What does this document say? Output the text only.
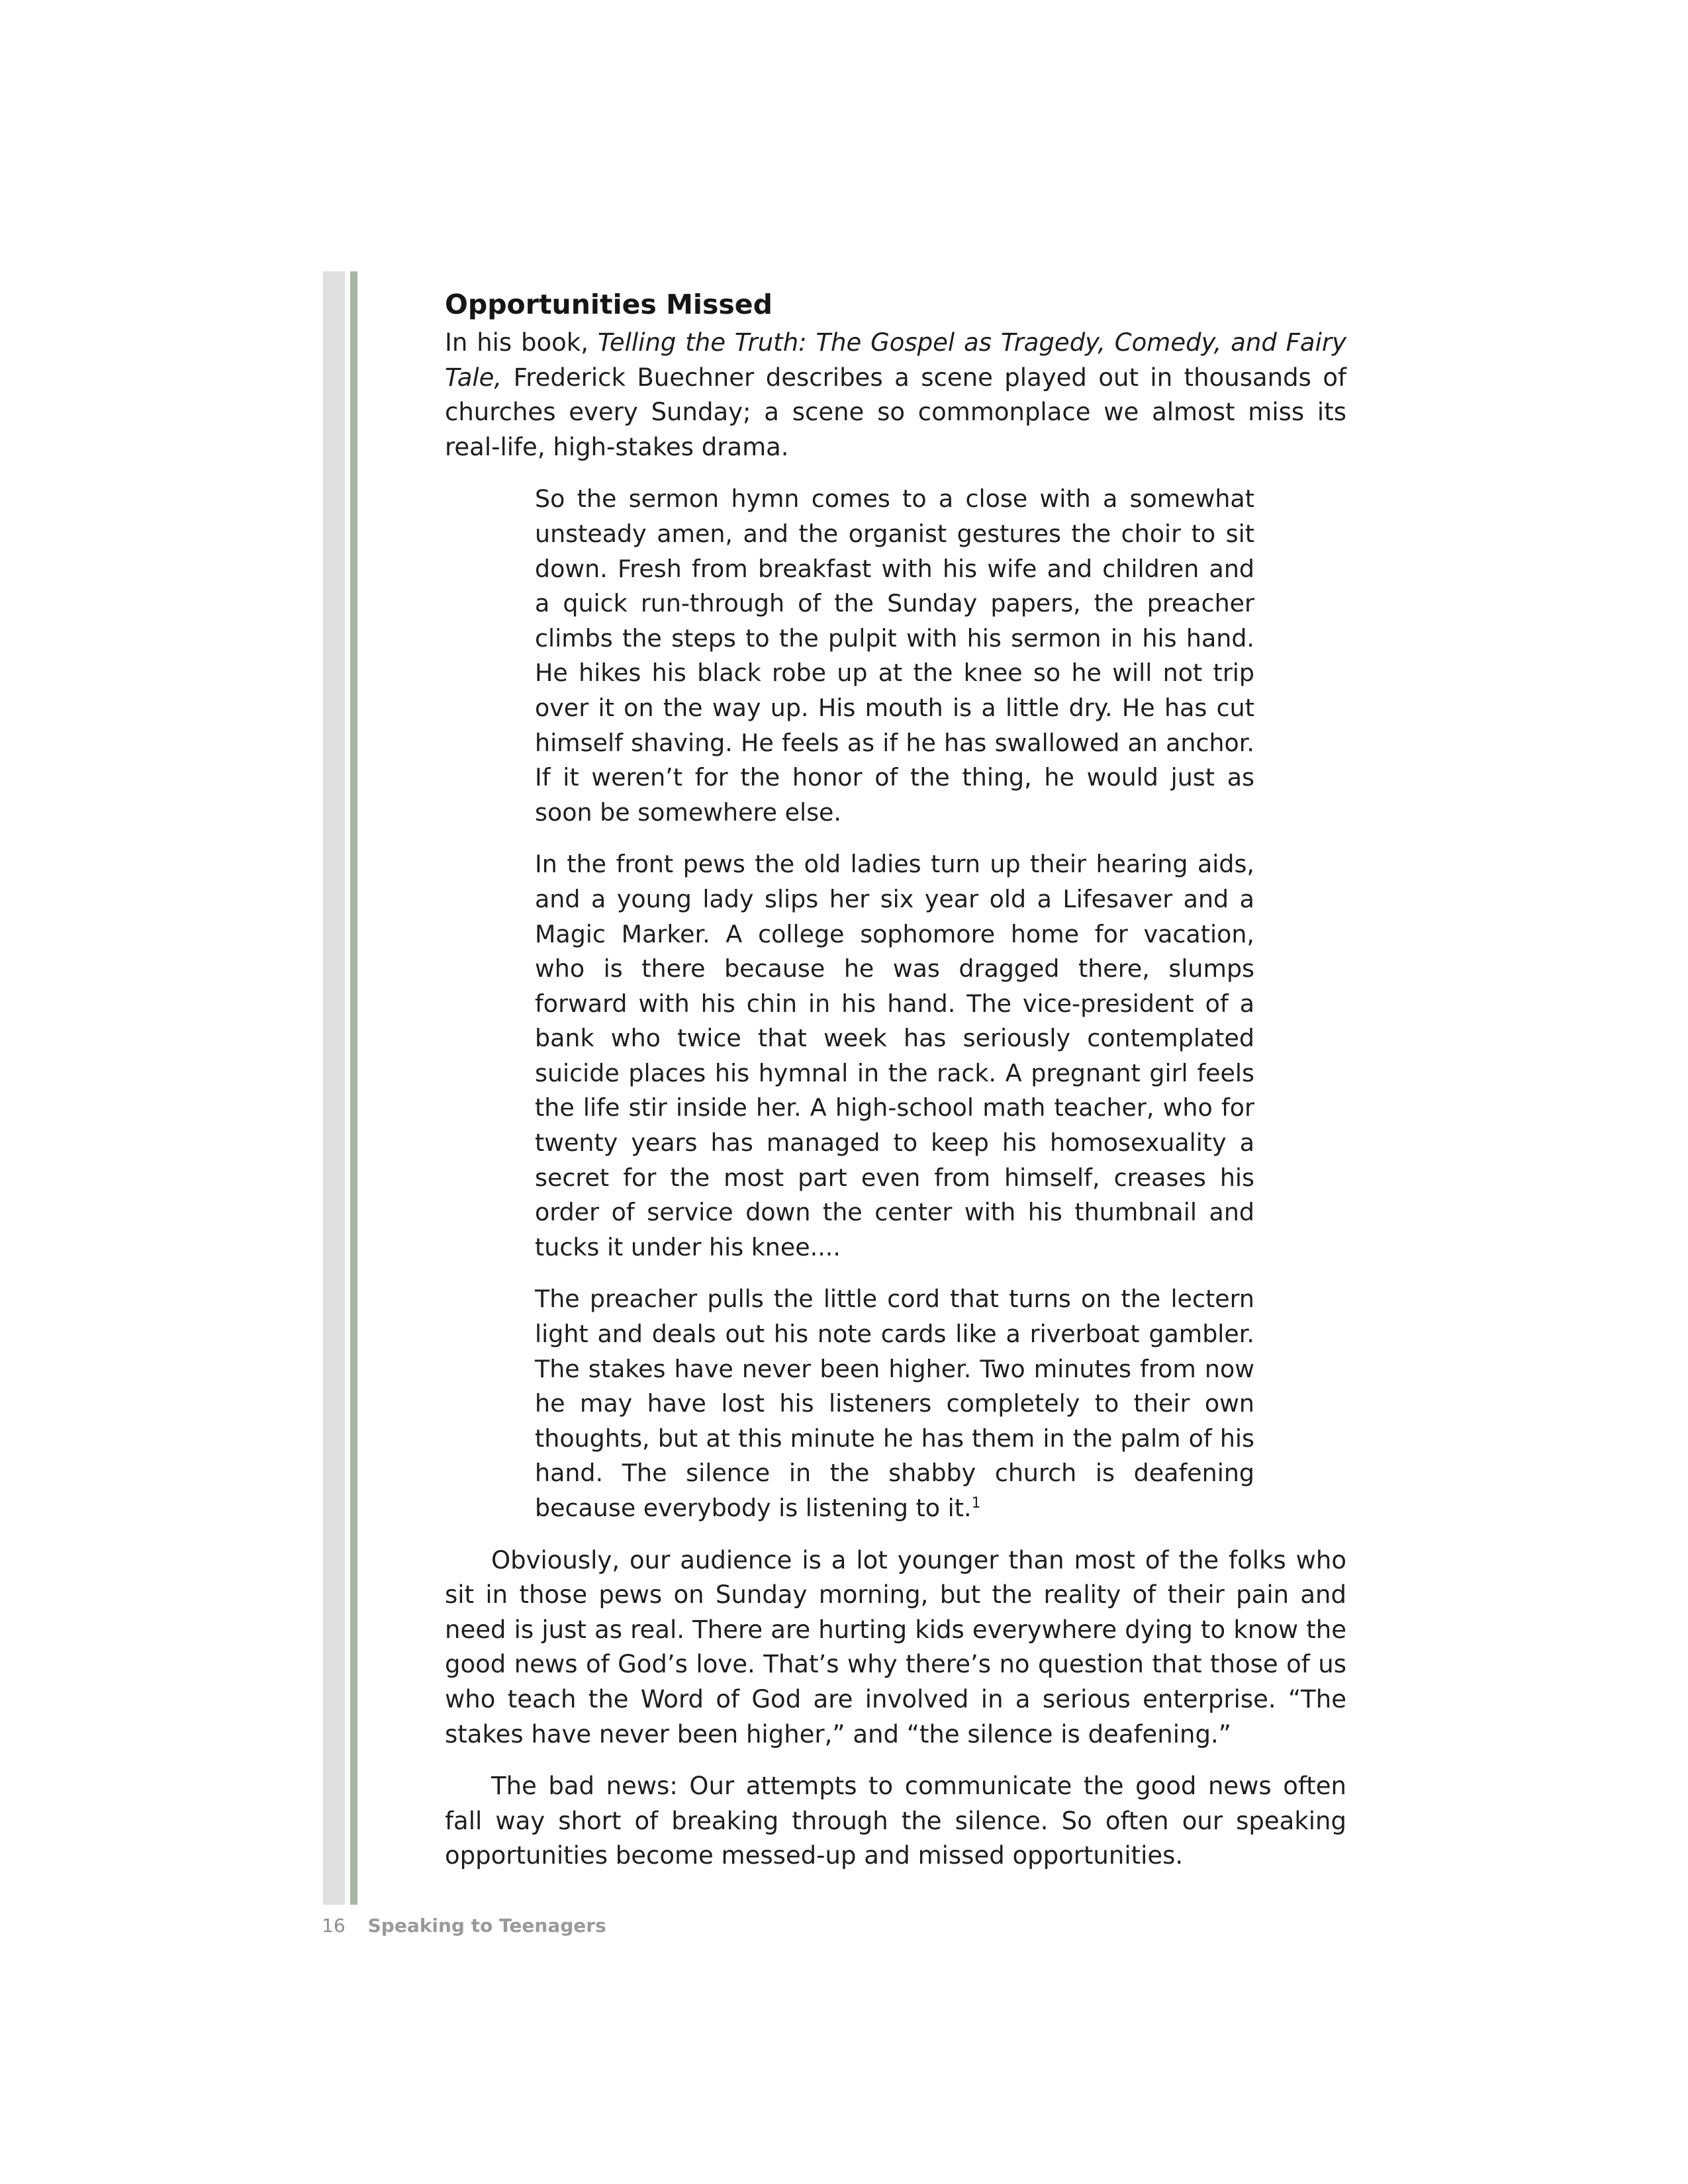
Opportunities Missed

In his book, Telling the Truth: The Gospel as Tragedy, Comedy, and Fairy Tale, Frederick Buechner describes a scene played out in thousands of churches every Sunday; a scene so commonplace we almost miss its real-life, high-stakes drama.

So the sermon hymn comes to a close with a somewhat unsteady amen, and the organist gestures the choir to sit down. Fresh from breakfast with his wife and children and a quick run-through of the Sunday papers, the preacher climbs the steps to the pulpit with his sermon in his hand. He hikes his black robe up at the knee so he will not trip over it on the way up. His mouth is a little dry. He has cut himself shaving. He feels as if he has swallowed an anchor. If it weren’t for the honor of the thing, he would just as soon be somewhere else.

In the front pews the old ladies turn up their hearing aids, and a young lady slips her six year old a Lifesaver and a Magic Marker. A college sophomore home for vacation, who is there because he was dragged there, slumps forward with his chin in his hand. The vice-president of a bank who twice that week has seriously contemplated suicide places his hymnal in the rack. A pregnant girl feels the life stir inside her. A high-school math teacher, who for twenty years has managed to keep his homosexuality a secret for the most part even from himself, creases his order of service down the center with his thumbnail and tucks it under his knee....

The preacher pulls the little cord that turns on the lectern light and deals out his note cards like a riverboat gambler. The stakes have never been higher. Two minutes from now he may have lost his listeners completely to their own thoughts, but at this minute he has them in the palm of his hand. The silence in the shabby church is deafening because everybody is listening to it.$^1$

Obviously, our audience is a lot younger than most of the folks who sit in those pews on Sunday morning, but the reality of their pain and need is just as real. There are hurting kids everywhere dying to know the good news of God’s love. That’s why there’s no question that those of us who teach the Word of God are involved in a serious enterprise. “The stakes have never been higher,” and “the silence is deafening.”

The bad news: Our attempts to communicate the good news often fall way short of breaking through the silence. So often our speaking opportunities become messed-up and missed opportunities.

16 Speaking to Teenagers
